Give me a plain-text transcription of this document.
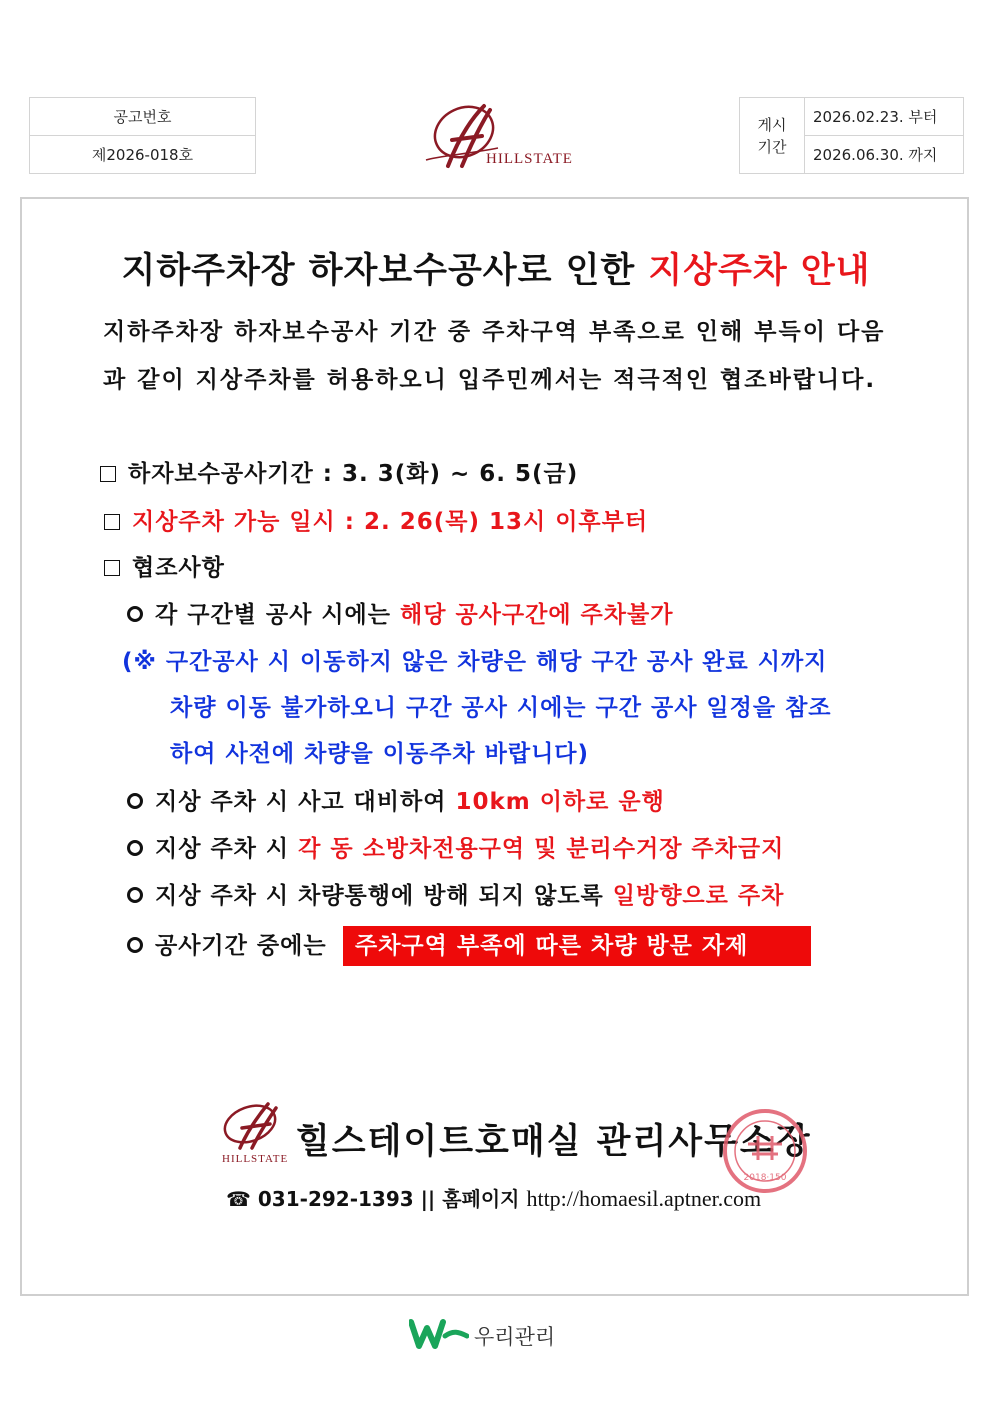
공고번호
제2026-018호	HILLSTATE
게시
기간	2026.02.23. 부터
2026.06.30. 까지
지하주차장 하자보수공사로 인한 지상주차 안내
지하주차장 하자보수공사 기간 중 주차구역 부족으로 인해 부득이 다음
과 같이 지상주차를 허용하오니 입주민께서는 적극적인 협조바랍니다.
하자보수공사기간 : 3. 3(화) ~ 6. 5(금)
지상주차 가능 일시 : 2. 26(목) 13시 이후부터
협조사항
각 구간별 공사 시에는 해당 공사구간에 주차불가
(※ 구간공사 시 이동하지 않은 차량은 해당 구간 공사 완료 시까지
차량 이동 불가하오니 구간 공사 시에는 구간 공사 일정을 참조
하여 사전에 차량을 이동주차 바랍니다)
지상 주차 시 사고 대비하여 10km 이하로 운행
지상 주차 시 각 동 소방차전용구역 및 분리수거장 주차금지
지상 주차 시 차량통행에 방해 되지 않도록 일방향으로 주차
공사기간 중에는	주차구역 부족에 따른 차량 방문 자제
HILLSTATE 힐스테이트호매실 관리사무소장
2018·150
☎ 031-292-1393 || 홈페이지 http://homaesil.aptner.com
우리관리
